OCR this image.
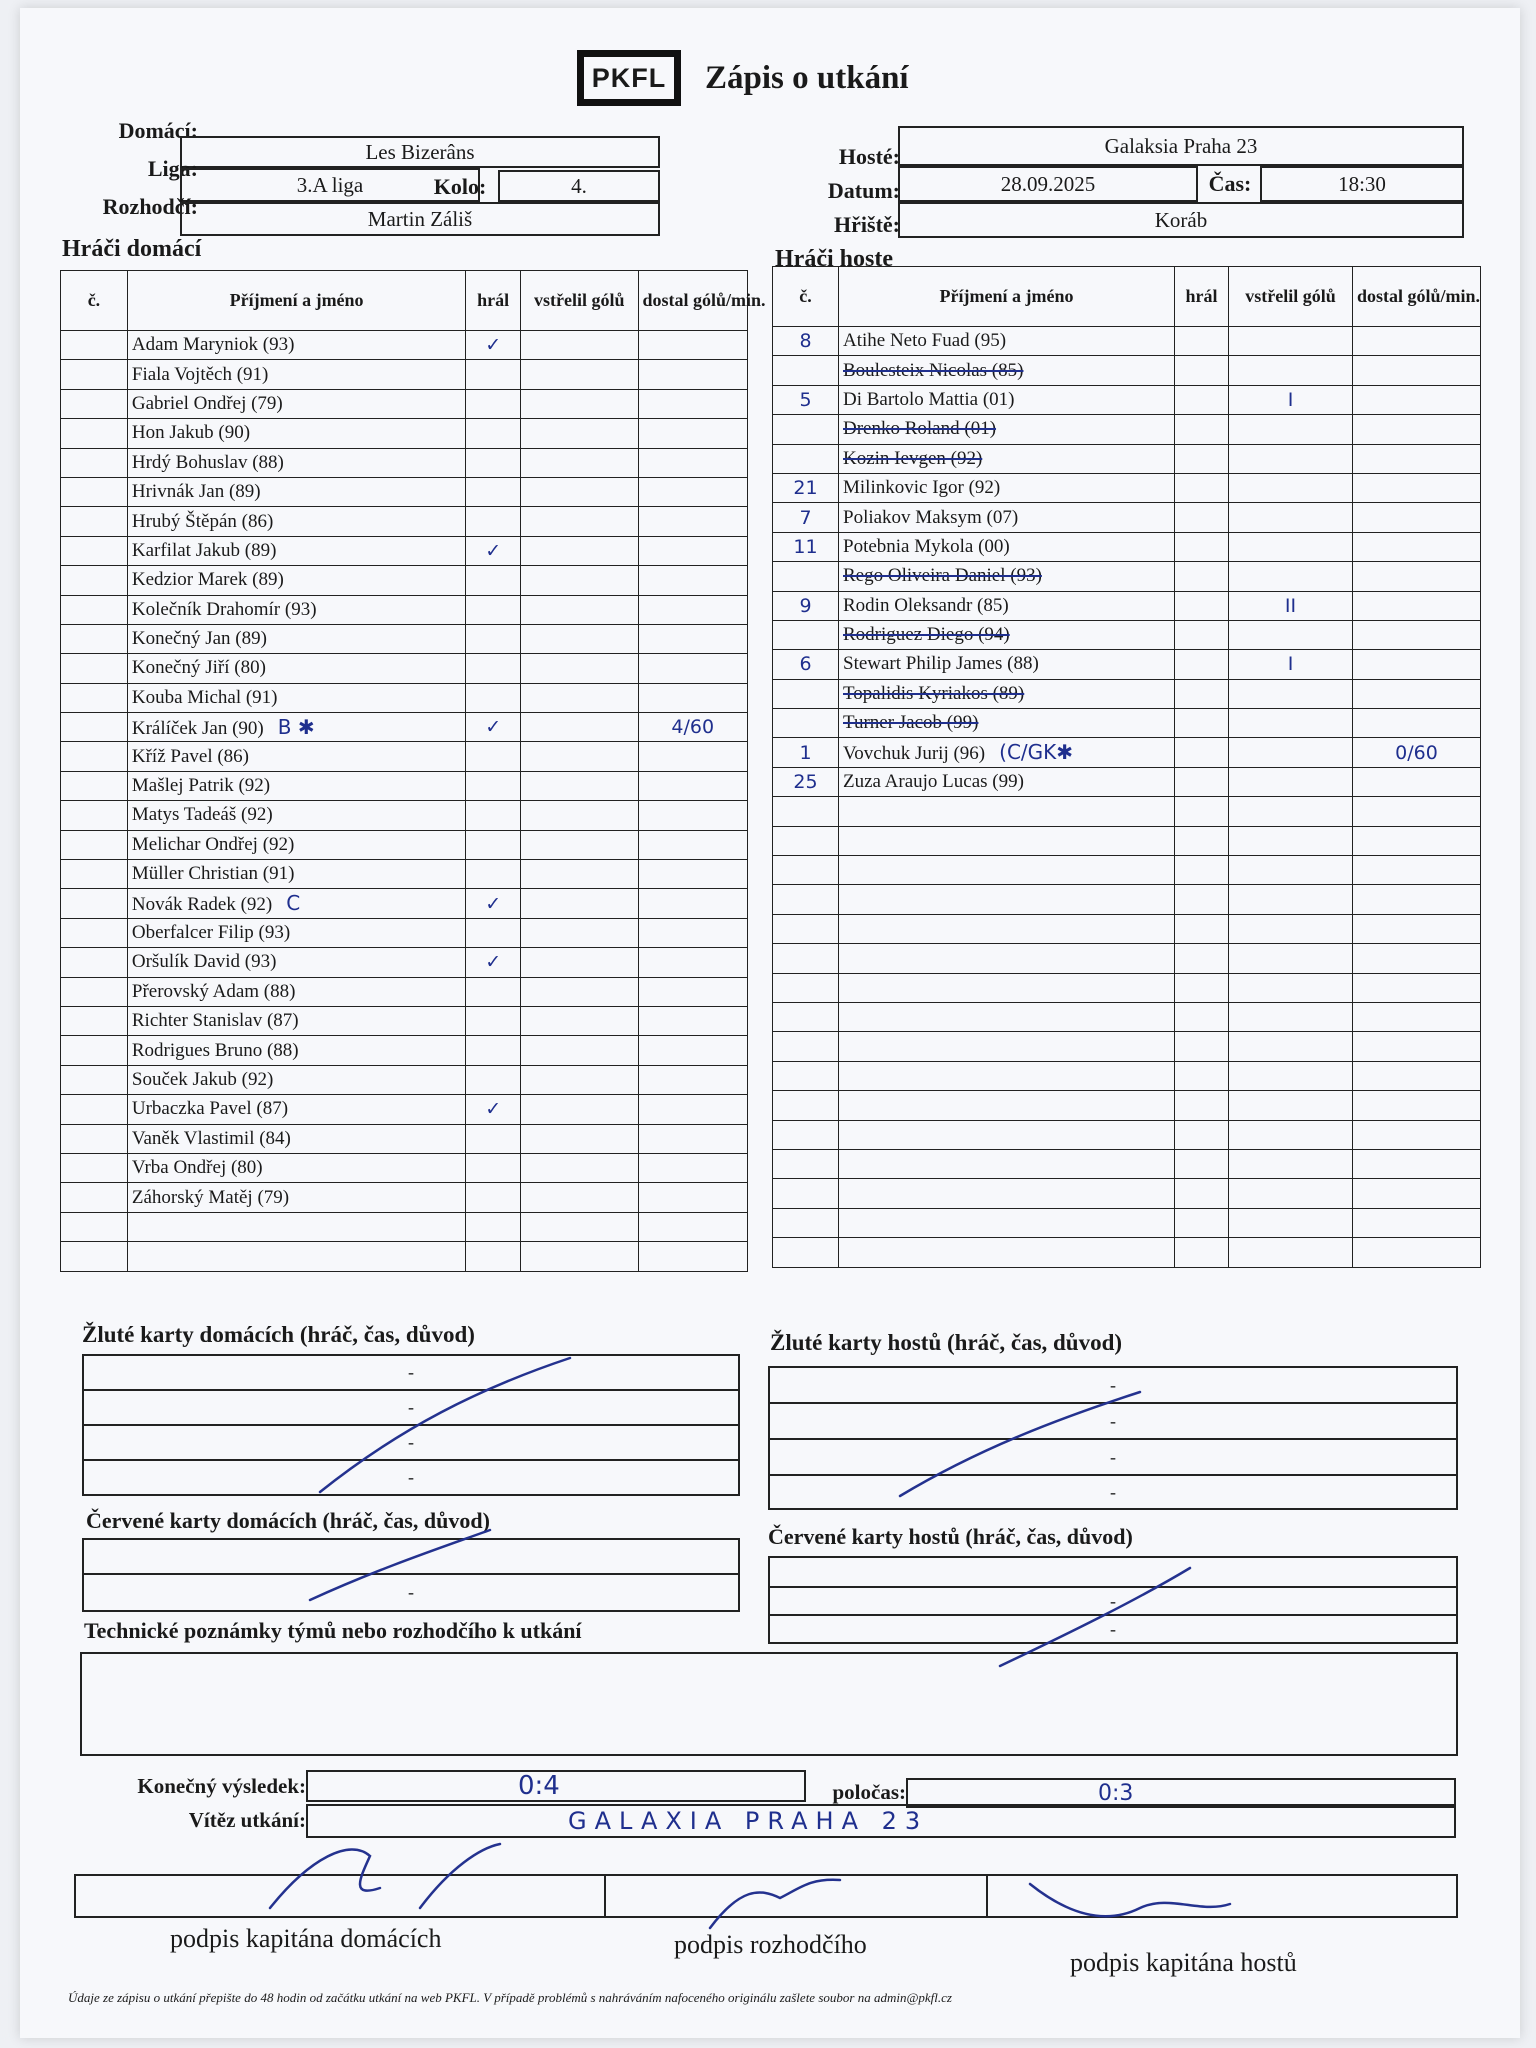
PKFL	Zápis o utkání
Domácí:
Les Bizerâns
Liga:
3.A liga	Kolo:	4.
Rozhodčí:	Martin Záliš
Hosté:	Galaksia Praha 23
Datum:	28.09.2025	Čas:	18:30
Hřiště:	Koráb
Hráči domácí	Hráči hoste
č.	Příjmení a jméno	hrál	vstřelil gólů	dostal gólů/min.
	Adam Maryniok (93)	✓		
	Fiala Vojtěch (91)			
	Gabriel Ondřej (79)			
	Hon Jakub (90)			
	Hrdý Bohuslav (88)			
	Hrivnák Jan (89)			
	Hrubý Štěpán (86)			
	Karfilat Jakub (89)	✓		
	Kedzior Marek (89)			
	Kolečník Drahomír (93)			
	Konečný Jan (89)			
	Konečný Jiří (80)			
	Kouba Michal (91)			
	Králíček Jan (90) B ✱	✓		4/60
	Kříž Pavel (86)			
	Mašlej Patrik (92)			
	Matys Tadeáš (92)			
	Melichar Ondřej (92)			
	Müller Christian (91)			
	Novák Radek (92) C	✓		
	Oberfalcer Filip (93)			
	Oršulík David (93)	✓		
	Přerovský Adam (88)			
	Richter Stanislav (87)			
	Rodrigues Bruno (88)			
	Souček Jakub (92)			
	Urbaczka Pavel (87)	✓		
	Vaněk Vlastimil (84)			
	Vrba Ondřej (80)			
	Záhorský Matěj (79)			

č.	Příjmení a jméno	hrál	vstřelil gólů	dostal gólů/min.
8	Atihe Neto Fuad (95)			
	Boulesteix Nicolas (85)			
5	Di Bartolo Mattia (01)		I	
	Drenko Roland (01)			
	Kozin Ievgen (92)			
21	Milinkovic Igor (92)			
7	Poliakov Maksym (07)			
11	Potebnia Mykola (00)			
	Rego Oliveira Daniel (93)			
9	Rodin Oleksandr (85)		II	
	Rodriguez Diego (94)			
6	Stewart Philip James (88)		I	
	Topalidis Kyriakos (89)			
	Turner Jacob (99)			
1	Vovchuk Jurij (96) (C/GK✱			0/60
25	Zuza Araujo Lucas (99)			

Žluté karty domácích (hráč, čas, důvod)
-
-
-
-
Žluté karty hostů (hráč, čas, důvod)
-
-
-
-
Červené karty domácích (hráč, čas, důvod)
-
Červené karty hostů (hráč, čas, důvod)
-
-
Technické poznámky týmů nebo rozhodčího k utkání
Konečný výsledek:	0:4	poločas:	0:3
Vítěz utkání:	GALAXIA PRAHA 23
podpis kapitána domácích	podpis rozhodčího
podpis kapitána hostů
Údaje ze zápisu o utkání přepište do 48 hodin od začátku utkání na web PKFL. V případě problémů s nahráváním nafoceného originálu zašlete soubor na admin@pkfl.cz
